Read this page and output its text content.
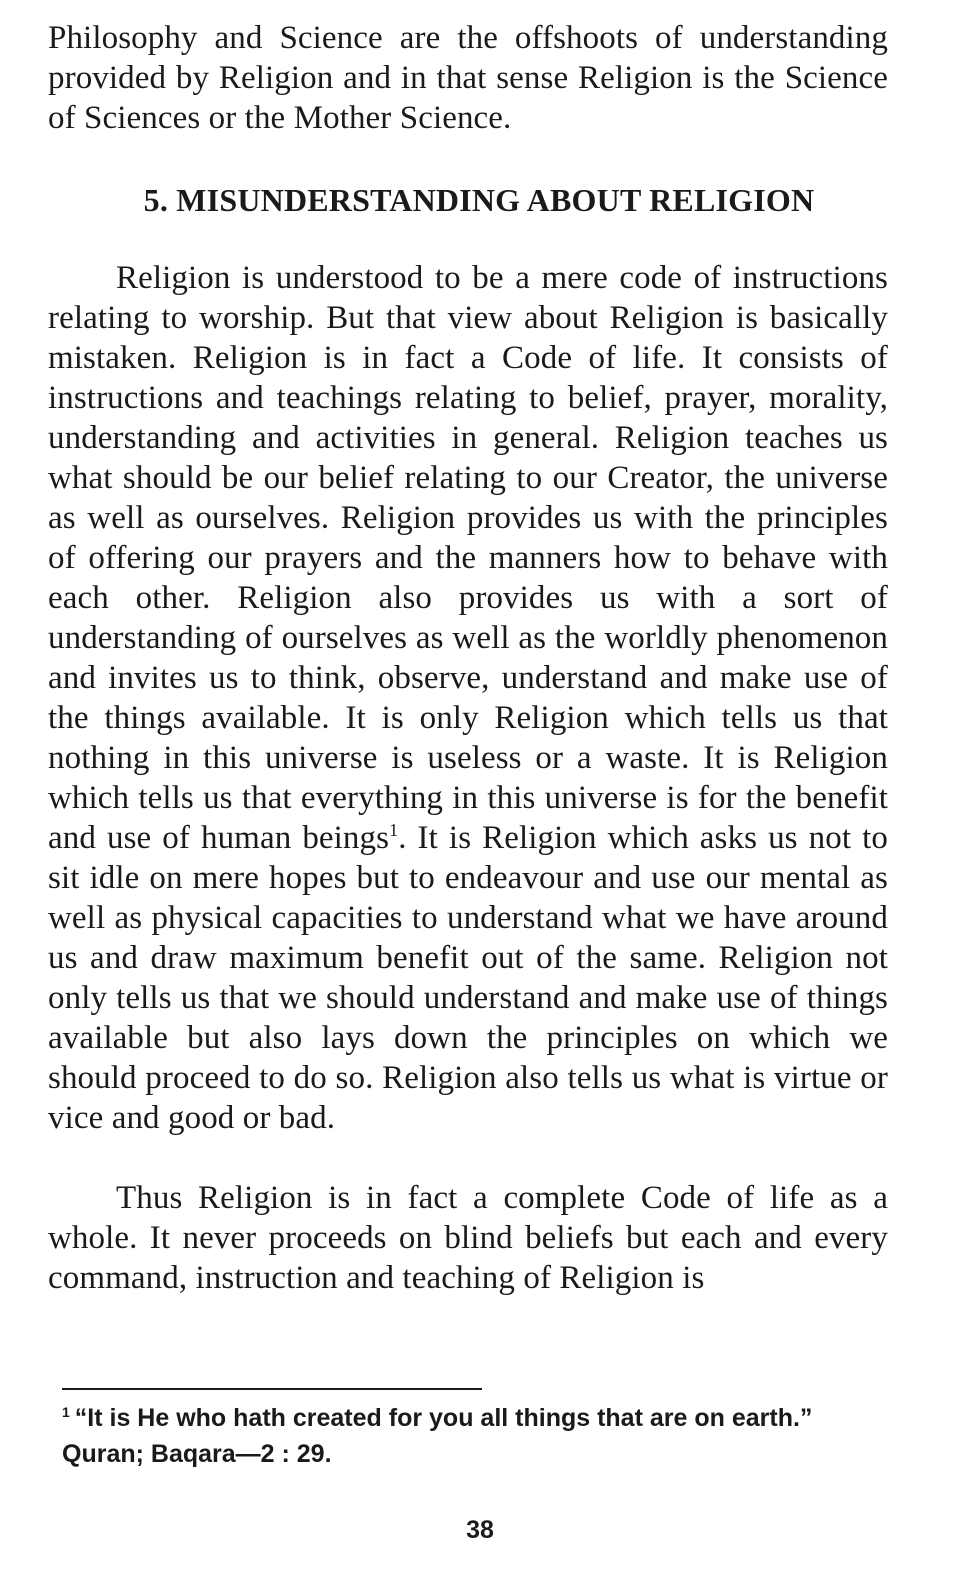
Philosophy and Science are the offshoots of understanding provided by Religion and in that sense Religion is the Science of Sciences or the Mother Science.

5. MISUNDERSTANDING ABOUT RELIGION

Religion is understood to be a mere code of instructions relating to worship. But that view about Religion is basically mistaken. Religion is in fact a Code of life. It consists of instructions and teachings relating to belief, prayer, morality, understanding and activities in general. Religion teaches us what should be our belief relating to our Creator, the universe as well as ourselves. Religion provides us with the principles of offering our prayers and the manners how to behave with each other. Religion also provides us with a sort of understanding of ourselves as well as the worldly phenomenon and invites us to think, observe, understand and make use of the things available. It is only Religion which tells us that nothing in this universe is useless or a waste. It is Religion which tells us that everything in this universe is for the benefit and use of human beings$^1$. It is Religion which asks us not to sit idle on mere hopes but to endeavour and use our mental as well as physical capacities to understand what we have around us and draw maximum benefit out of the same. Religion not only tells us that we should understand and make use of things available but also lays down the principles on which we should proceed to do so. Religion also tells us what is virtue or vice and good or bad.

Thus Religion is in fact a complete Code of life as a whole. It never proceeds on blind beliefs but each and every command, instruction and teaching of Religion is

$^1$ “It is He who hath created for you all things that are on earth.” Quran; Baqara—2 : 29.
38
